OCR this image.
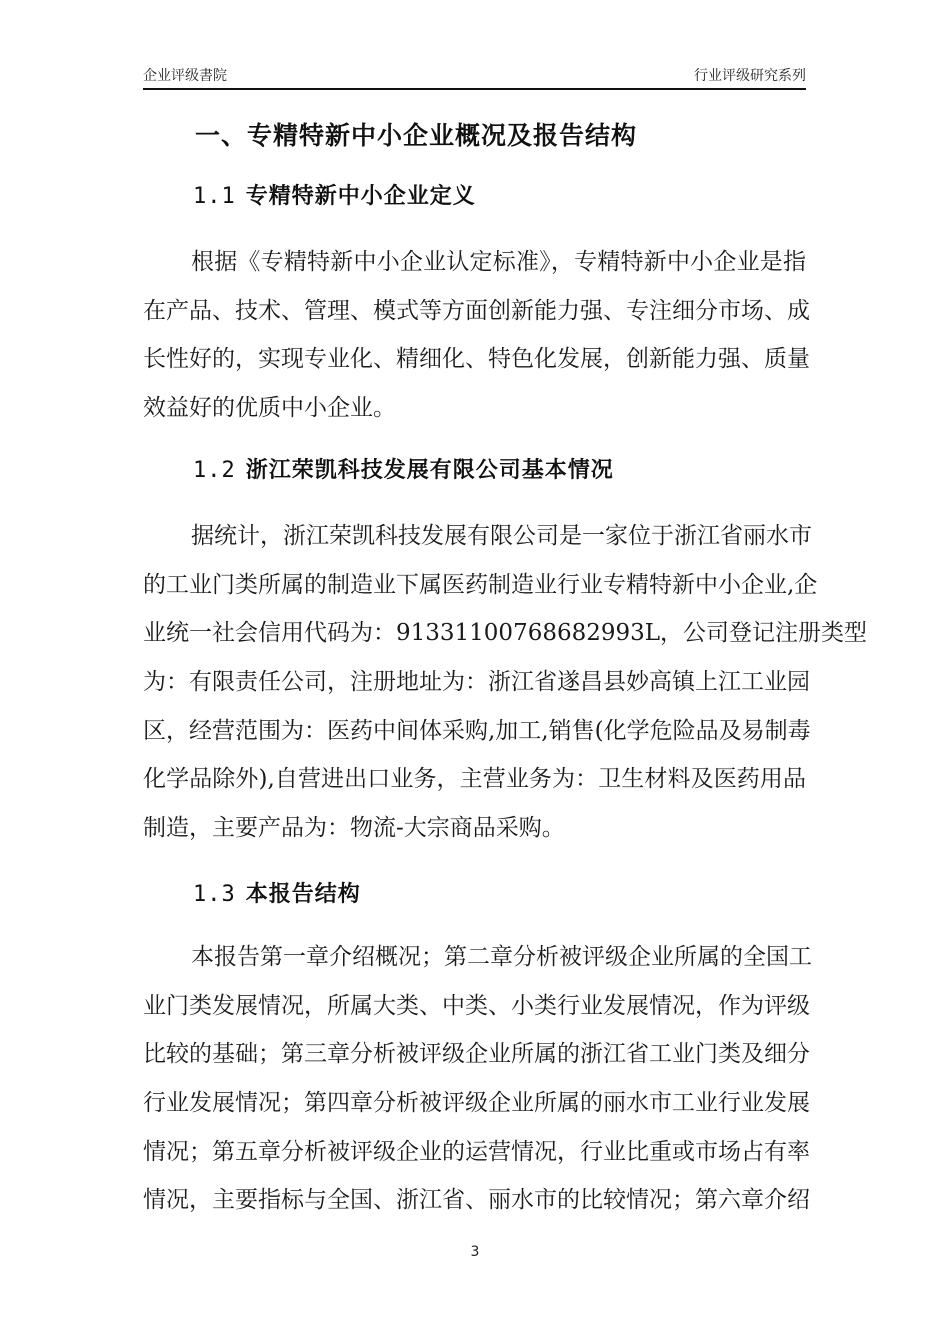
企业评级書院	行业评级研究系列
一、专精特新中小企业概况及报告结构
1.1 专精特新中小企业定义
根据《专精特新中小企业认定标准》，专精特新中小企业是指
在产品、技术、管理、模式等方面创新能力强、专注细分市场、成
长性好的，实现专业化、精细化、特色化发展，创新能力强、质量
效益好的优质中小企业。
1.2 浙江荣凯科技发展有限公司基本情况
据统计，浙江荣凯科技发展有限公司是一家位于浙江省丽水市
的工业门类所属的制造业下属医药制造业行业专精特新中小企业,企
业统一社会信用代码为：91331100768682993L，公司登记注册类型
为：有限责任公司，注册地址为：浙江省遂昌县妙高镇上江工业园
区，经营范围为：医药中间体采购,加工,销售(化学危险品及易制毒
化学品除外),自营进出口业务，主营业务为：卫生材料及医药用品
制造，主要产品为：物流-大宗商品采购。
1.3 本报告结构
本报告第一章介绍概况；第二章分析被评级企业所属的全国工
业门类发展情况，所属大类、中类、小类行业发展情况，作为评级
比较的基础；第三章分析被评级企业所属的浙江省工业门类及细分
行业发展情况；第四章分析被评级企业所属的丽水市工业行业发展
情况；第五章分析被评级企业的运营情况，行业比重或市场占有率
情况，主要指标与全国、浙江省、丽水市的比较情况；第六章介绍
3
